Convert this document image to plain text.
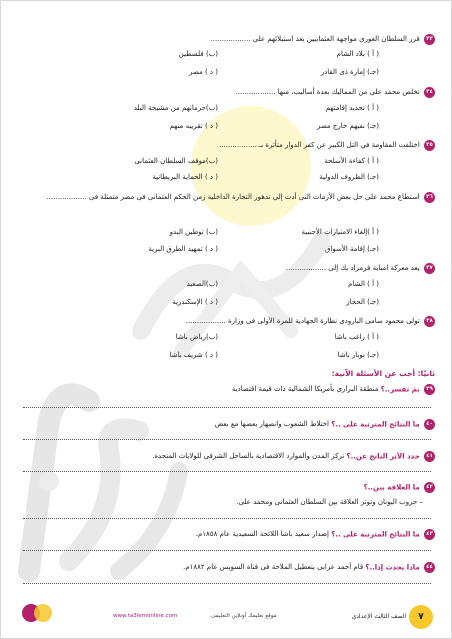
٣٣ قرر السلطان الغوري مواجهة العثمانيين بعد استيلائهم على ..................
( أ ) بلاد الشام
(ب) فلسطين
(جـ) إمارة ذى القادر
( د ) مصر
٣٤ تخلص محمد على من المماليك بعدة أساليب، منها ..................
( أ ) تحديد إقامتهم
(ب)حرمانهم من مشيخة البلد
(جـ) نفيهم خارج مصر
( د ) تقريبه منهم
٣٥ اختلفت المقاومة في التل الكبير عن كفر الدوار متأثرة بـ..................
( أ ) كفاءة الأسلحة
(ب)موقف السلطان العثمانى
(جـ) الظروف الدولية
( د ) الحماية البريطانية
٣٦ استطاع محمد على حل بعض الأزمات التى أدت إلى تدهور التجارة الداخلية زمن الحكم العثمانى فى مصر متمثلة فى ..................
( أ )إلغاء الامتيازات الأجنبية
(ب) توطين البدو
(جـ) إقامة الأسواق
( د ) تمهيد الطرق البرية
٣٧ يعد معركة امبابة فرمراد بك إلى ..................
( أ ) الشام
(ب)الصعيد
(جـ) الحجاز
( د ) الإسكندرية
٣٨ تولى محمود سامى البارودى نظارة الجهادية للمرة الأولى فى وزارة ..................
( أ ) راغب باشا
(ب)رياض باشا
(جـ) نوبار باشا
( د ) شريف باشا
ثانيًا: أجب عن الأسئلة الآتية:
٣٩ بمَ تفسر..؟ منطقة البرارى بأمريكا الشمالية ذات قيمة اقتصادية
٤٠ ما النتائج المترتبة على ..؟ اختلاط الشعوب وانصهار بعضها مع بعض
٤١ حدد الأثر الناتج عن..؟ تركز المدن والموارد الاقتصادية بالساحل الشرقى للولايات المتحدة.
٤٢ ما العلاقة بين..؟
– حروب اليونان وتوتر العلاقة بين السلطان العثمانى ومحمد على.
٤٣ ما النتائج المترتبة على ..؟ إصدار سعيد باشا اللائحة السعيدية عام ١٨٥٨م.
٤٤ ماذا يحدث إذا..؟ قام أحمد عرابى بتعطيل الملاحة فى قناة السويس عام ١٨٨٢م.
٧
الصف الثالث الإعدادي
موقع تعليمك أونلاين التعليمى
www.ta3lemonline.com
